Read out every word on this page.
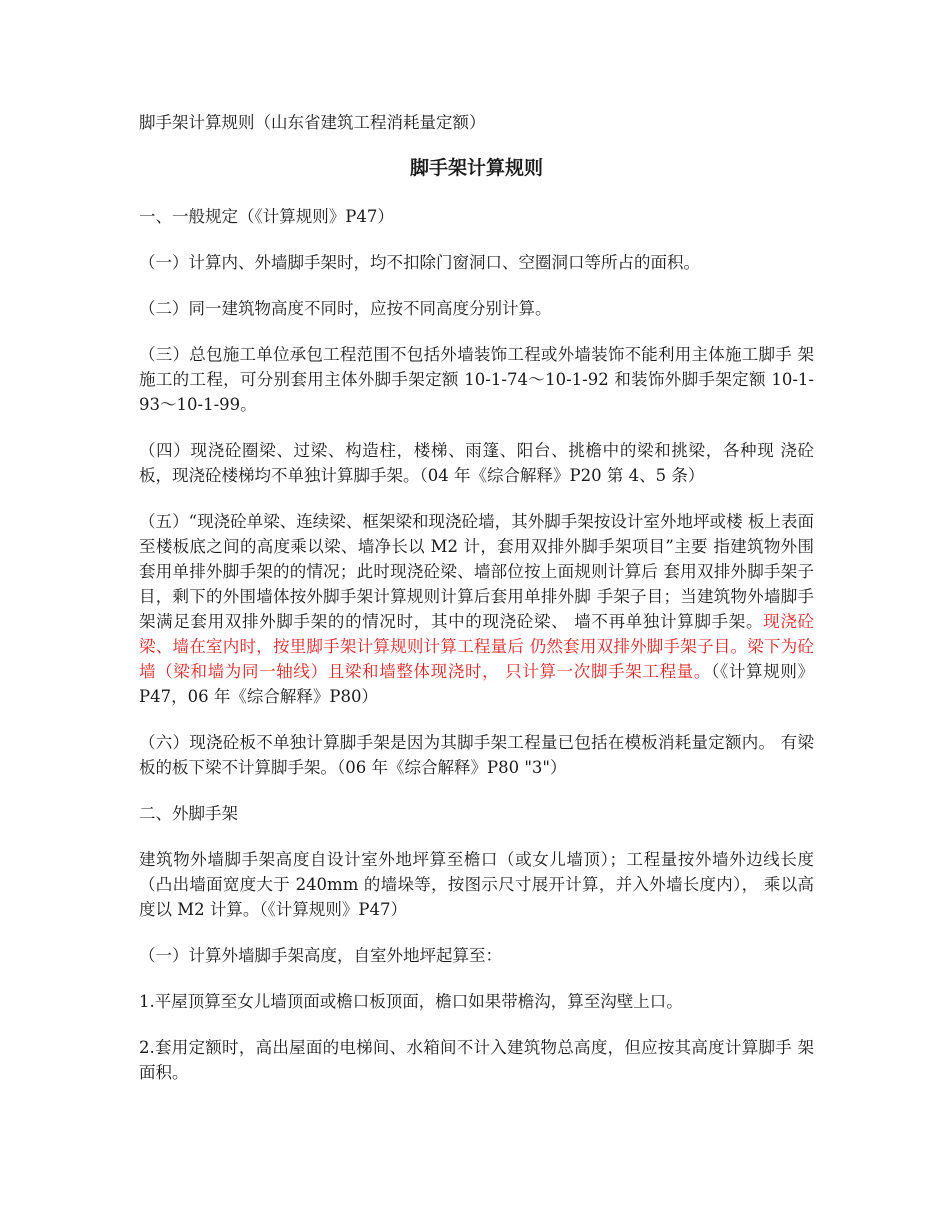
脚手架计算规则（山东省建筑工程消耗量定额）

脚手架计算规则

一、一般规定（《计算规则》P47）

（一）计算内、外墙脚手架时，均不扣除门窗洞口、空圈洞口等所占的面积。

（二）同一建筑物高度不同时，应按不同高度分别计算。

（三）总包施工单位承包工程范围不包括外墙装饰工程或外墙装饰不能利用主体施工脚手 架施工的工程，可分别套用主体外脚手架定额 10-1-74～10-1-92 和装饰外脚手架定额 10-1-93～10-1-99。

（四）现浇砼圈梁、过梁、构造柱，楼梯、雨篷、阳台、挑檐中的梁和挑梁，各种现 浇砼板，现浇砼楼梯均不单独计算脚手架。（04 年《综合解释》P20 第 4、5 条）

（五）“现浇砼单梁、连续梁、框架梁和现浇砼墙，其外脚手架按设计室外地坪或楼 板上表面至楼板底之间的高度乘以梁、墙净长以 M2 计，套用双排外脚手架项目”主要 指建筑物外围套用单排外脚手架的的情况；此时现浇砼梁、墙部位按上面规则计算后 套用双排外脚手架子目，剩下的外围墙体按外脚手架计算规则计算后套用单排外脚 手架子目；当建筑物外墙脚手架满足套用双排外脚手架的的情况时，其中的现浇砼梁、 墙不再单独计算脚手架。现浇砼梁、墙在室内时，按里脚手架计算规则计算工程量后 仍然套用双排外脚手架子目。梁下为砼墙（梁和墙为同一轴线）且梁和墙整体现浇时， 只计算一次脚手架工程量。（《计算规则》P47，06 年《综合解释》P80）

（六）现浇砼板不单独计算脚手架是因为其脚手架工程量已包括在模板消耗量定额内。 有梁板的板下梁不计算脚手架。（06 年《综合解释》P80 "3"）

二、外脚手架

建筑物外墙脚手架高度自设计室外地坪算至檐口（或女儿墙顶）；工程量按外墙外边线长度（凸出墙面宽度大于 240mm 的墙垛等，按图示尺寸展开计算，并入外墙长度内）， 乘以高度以 M2 计算。（《计算规则》P47）

（一）计算外墙脚手架高度，自室外地坪起算至：

1.平屋顶算至女儿墙顶面或檐口板顶面，檐口如果带檐沟，算至沟壁上口。

2.套用定额时，高出屋面的电梯间、水箱间不计入建筑物总高度，但应按其高度计算脚手 架面积。
